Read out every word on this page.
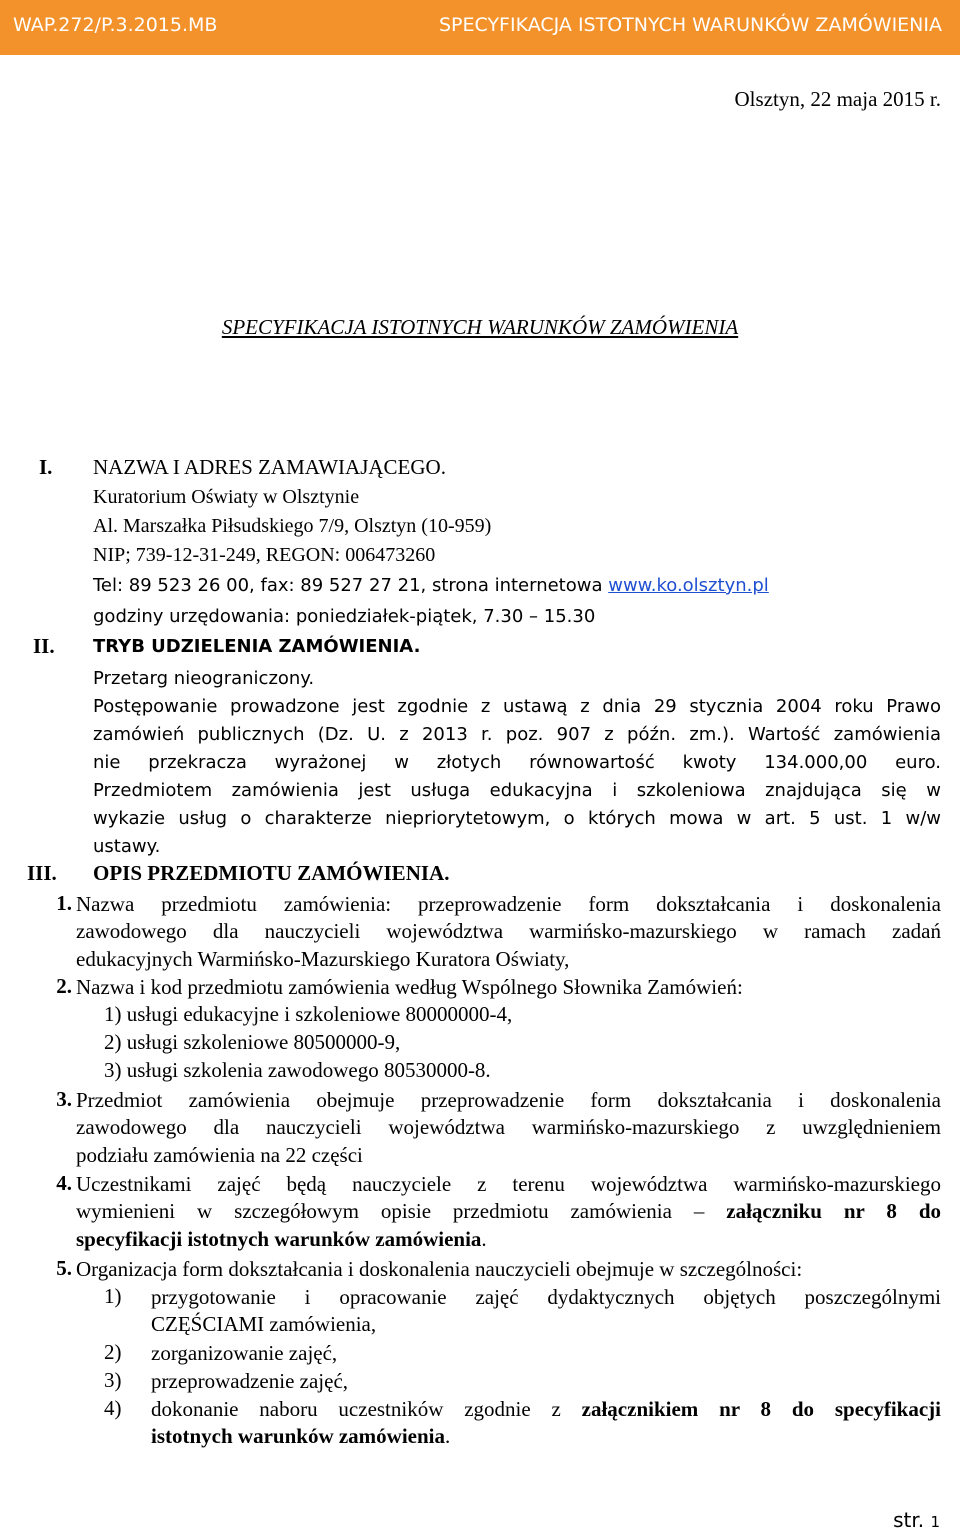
WAP.272/P.3.2015.MB	SPECYFIKACJA ISTOTNYCH WARUNKÓW ZAMÓWIENIA
Olsztyn, 22 maja 2015 r.
SPECYFIKACJA ISTOTNYCH WARUNKÓW ZAMÓWIENIA
I. NAZWA I ADRES ZAMAWIAJĄCEGO.
Kuratorium Oświaty w Olsztynie
Al. Marszałka Piłsudskiego 7/9, Olsztyn (10-959)
NIP; 739-12-31-249, REGON: 006473260
Tel: 89 523 26 00, fax: 89 527 27 21, strona internetowa www.ko.olsztyn.pl
godziny urzędowania: poniedziałek-piątek, 7.30 – 15.30
II. TRYB UDZIELENIA ZAMÓWIENIA.
Przetarg nieograniczony.
Postępowanie prowadzone jest zgodnie z ustawą z dnia 29 stycznia 2004 roku Prawo
zamówień publicznych (Dz. U. z 2013 r. poz. 907 z późn. zm.). Wartość zamówienia
nie przekracza wyrażonej w złotych równowartość kwoty 134.000,00 euro.
Przedmiotem zamówienia jest usługa edukacyjna i szkoleniowa znajdująca się w
wykazie usług o charakterze niepriorytetowym, o których mowa w art. 5 ust. 1 w/w
ustawy.
III. OPIS PRZEDMIOTU ZAMÓWIENIA.
1. Nazwa przedmiotu zamówienia: przeprowadzenie form dokształcania i doskonalenia
zawodowego dla nauczycieli województwa warmińsko-mazurskiego w ramach zadań
edukacyjnych Warmińsko-Mazurskiego Kuratora Oświaty,
2. Nazwa i kod przedmiotu zamówienia według Wspólnego Słownika Zamówień:
1) usługi edukacyjne i szkoleniowe 80000000-4,
2) usługi szkoleniowe 80500000-9,
3) usługi szkolenia zawodowego 80530000-8.
3. Przedmiot zamówienia obejmuje przeprowadzenie form dokształcania i doskonalenia
zawodowego dla nauczycieli województwa warmińsko-mazurskiego z uwzględnieniem
podziału zamówienia na 22 części
4. Uczestnikami zajęć będą nauczyciele z terenu województwa warmińsko-mazurskiego
wymienieni w szczegółowym opisie przedmiotu zamówienia – załączniku nr 8 do
specyfikacji istotnych warunków zamówienia.
5. Organizacja form dokształcania i doskonalenia nauczycieli obejmuje w szczególności:
1) przygotowanie i opracowanie zajęć dydaktycznych objętych poszczególnymi
CZĘŚCIAMI zamówienia,
2) zorganizowanie zajęć,
3) przeprowadzenie zajęć,
4) dokonanie naboru uczestników zgodnie z załącznikiem nr 8 do specyfikacji
istotnych warunków zamówienia.
str. 1
